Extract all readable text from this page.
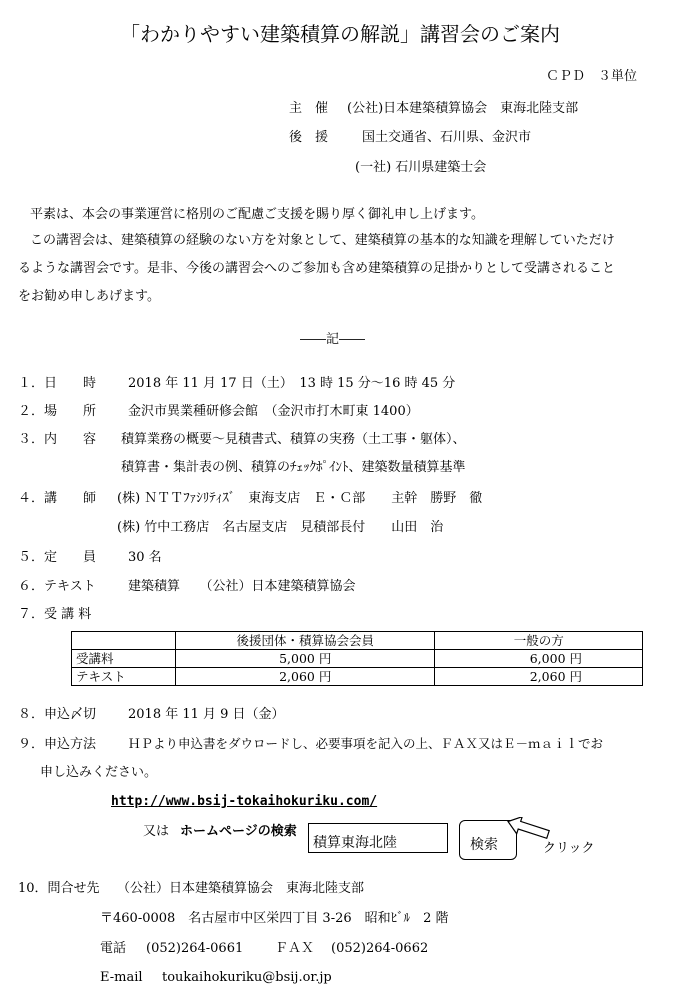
「わかりやすい建築積算の解説」講習会のご案内
ＣＰＤ　３単位
主　催 (公社)日本建築積算協会　東海北陸支部
後　援	国土交通省、石川県、金沢市
(一社) 石川県建築士会
平素は、本会の事業運営に格別のご配慮ご支援を賜り厚く御礼申し上げます。
この講習会は、建築積算の経験のない方を対象として、建築積算の基本的な知識を理解していただけ
るような講習会です。是非、今後の講習会へのご参加も含め建築積算の足掛かりとして受講されること
をお勧め申しあげます。
――記――
１．日　　時 2018 年 11 月 17 日（土）　13 時 15 分～16 時 45 分
２．場　　所 金沢市異業種研修会館　（金沢市打木町東 1400）
３．内　　容 積算業務の概要～見積書式、積算の実務（土工事・躯体）、
積算書・集計表の例、積算のﾁｪｯｸﾎﾟｲﾝﾄ、建築数量積算基準
４．講　　師 (株) ＮＴＴﾌｧｼﾘﾃｨｽﾞ　東海支店　Ｅ・Ｃ部　　主幹　勝野　徹
(株) 竹中工務店　名古屋支店　見積部長付　　山田　治
５．定　　員 30 名
６．テキスト 建築積算　　（公社）日本建築積算協会
７．受 講 料
	後援団体・積算協会会員	一般の方
受講料	5,000 円	6,000 円
テキスト	2,060 円	2,060 円
８．申込〆切 2018 年 11 月 9 日（金）
９．申込方法	ＨＰより申込書をダウロードし、必要事項を記入の上、ＦＡＸ又はＥ－ｍａｉｌでお
申し込みください。
http://www.bsij-tokaihokuriku.com/
又は ホームページの検索
積算東海北陸	検索	クリック
10．問合せ先 （公社）日本建築積算協会　東海北陸支部
〒460-0008　名古屋市中区栄四丁目 3-26　昭和ﾋﾞﾙ　2 階
電話 (052)264-0661 ＦＡＸ (052)264-0662
E-mail toukaihokuriku@bsij.or.jp
